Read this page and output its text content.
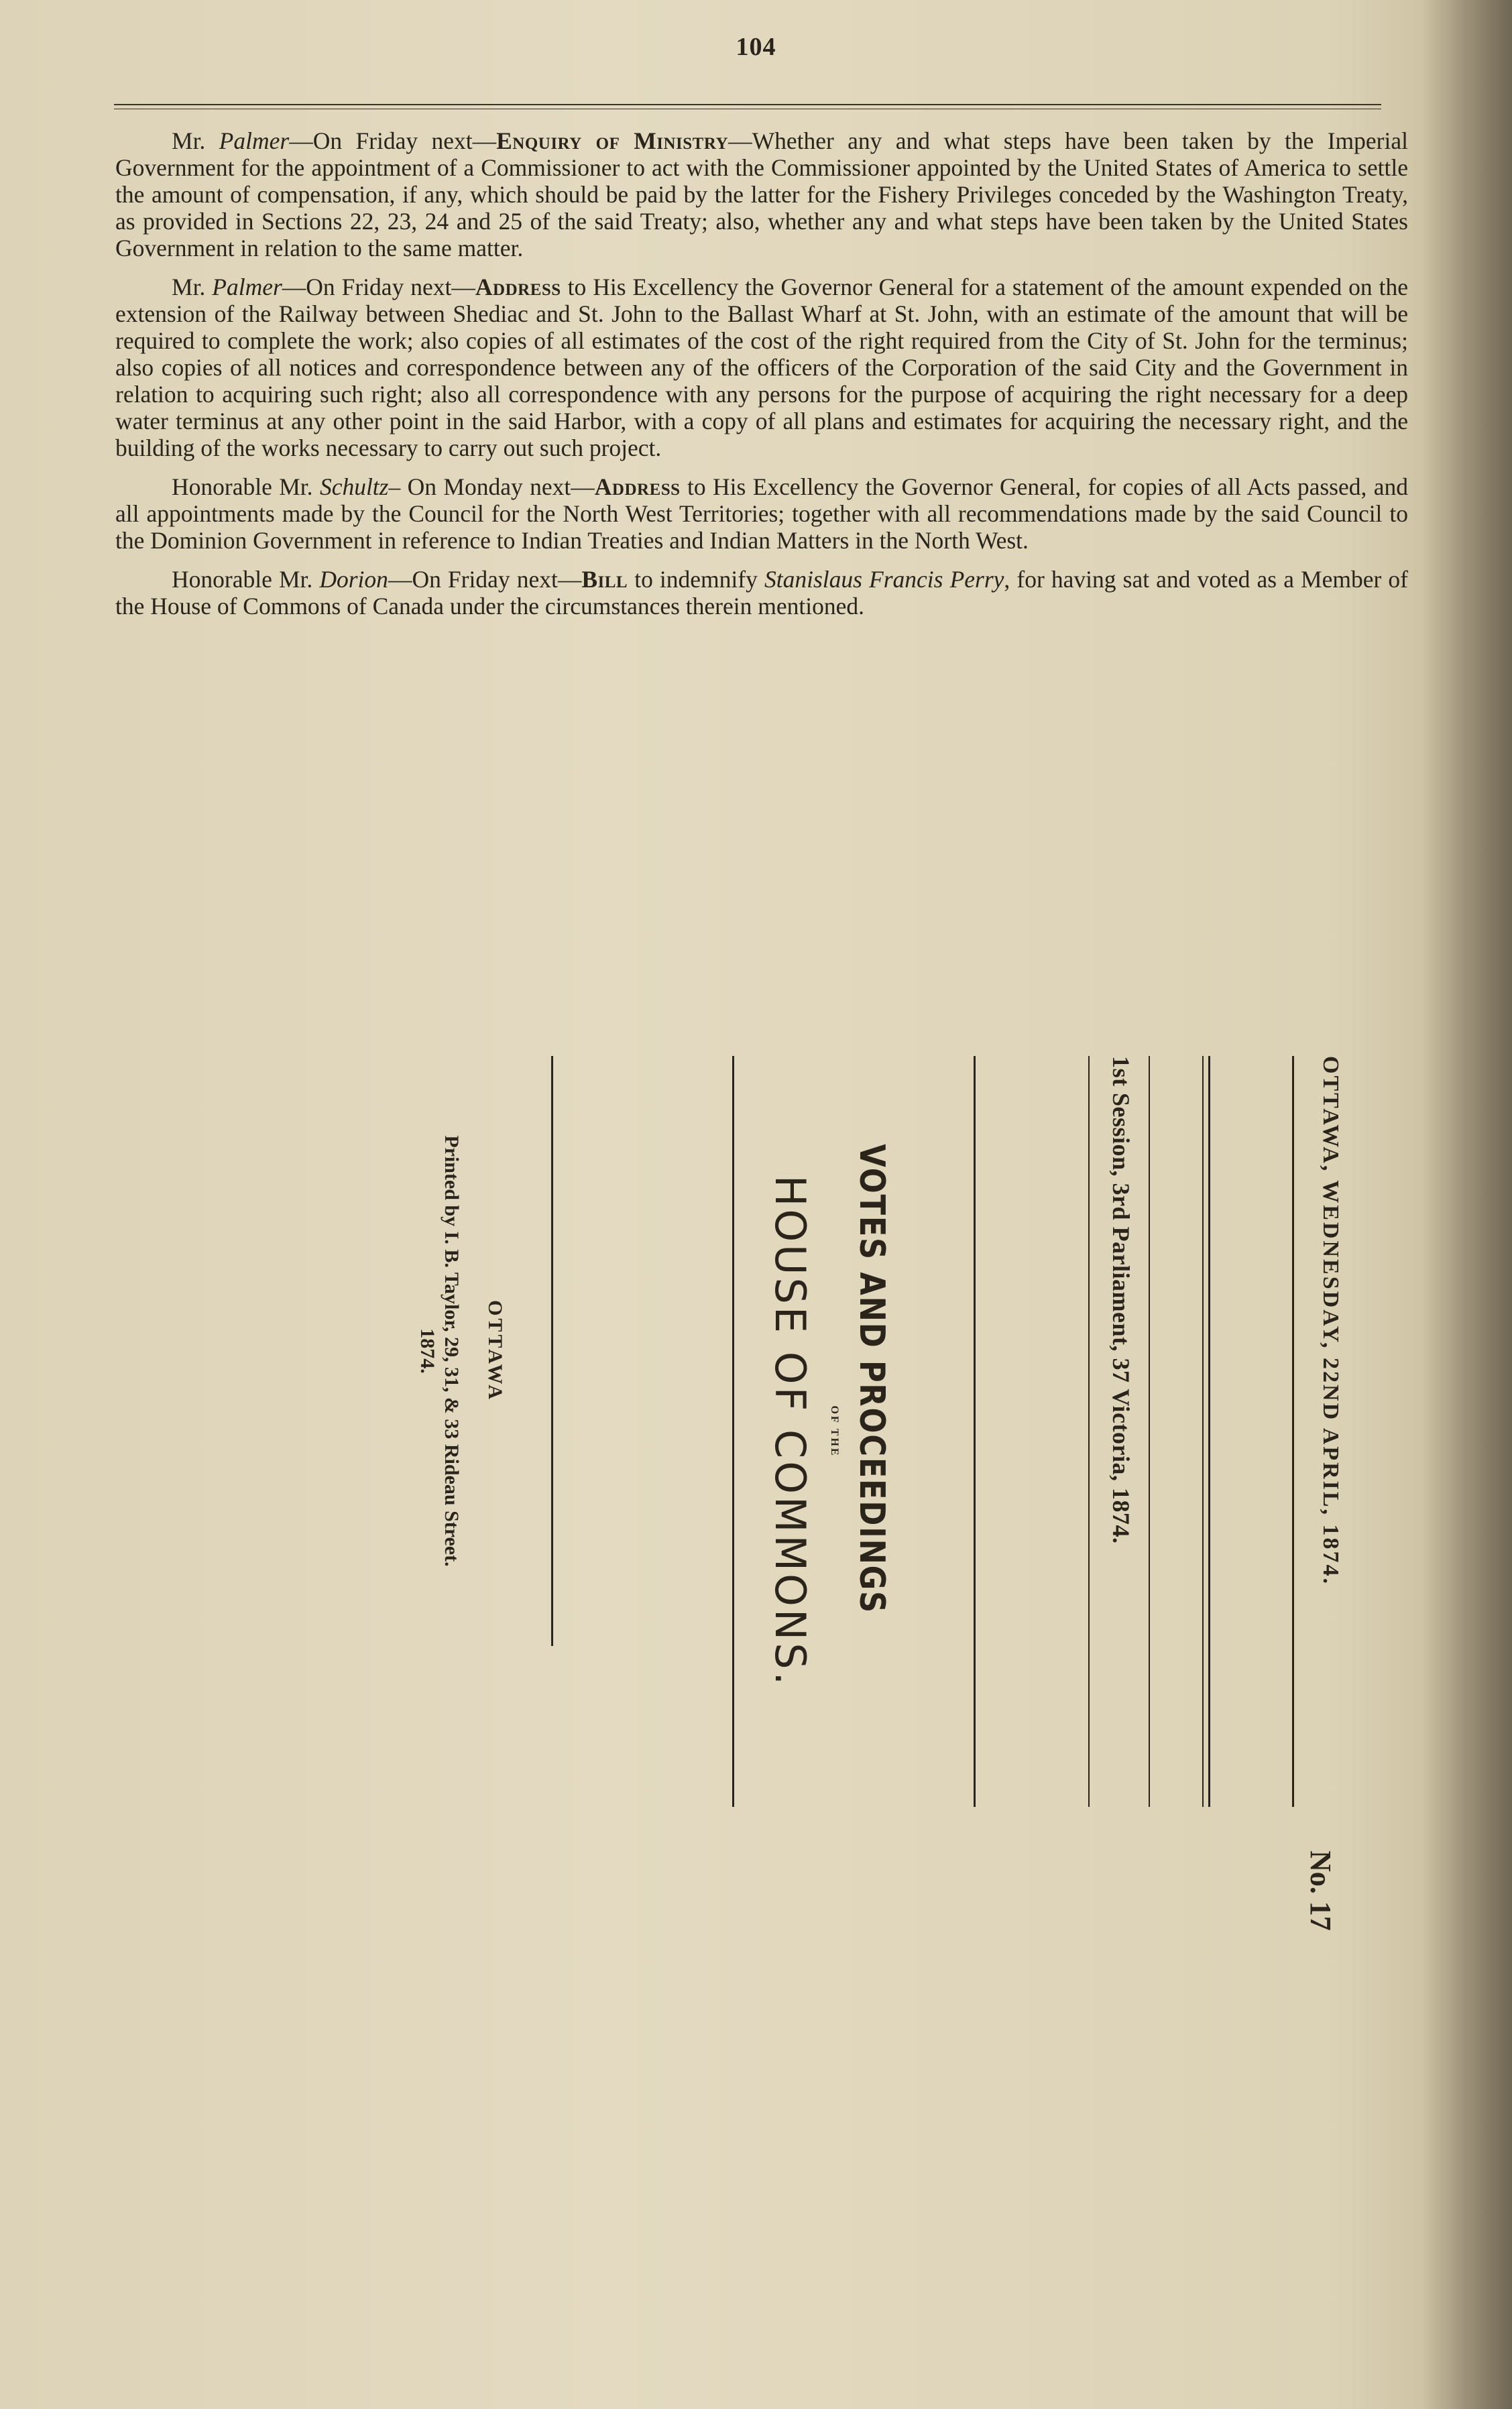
104

Mr. Palmer—On Friday next—Enquiry of Ministry—Whether any and what steps have been taken by the Imperial Government for the appointment of a Commissioner to act with the Commissioner appointed by the United States of America to settle the amount of compensation, if any, which should be paid by the latter for the Fishery Privileges conceded by the Washington Treaty, as provided in Sections 22, 23, 24 and 25 of the said Treaty; also, whether any and what steps have been taken by the United States Government in relation to the same matter.

Mr. Palmer—On Friday next—Address to His Excellency the Governor General for a statement of the amount expended on the extension of the Railway between Shediac and St. John to the Ballast Wharf at St. John, with an estimate of the amount that will be required to complete the work; also copies of all estimates of the cost of the right required from the City of St. John for the terminus; also copies of all notices and correspondence between any of the officers of the Corporation of the said City and the Government in relation to acquiring such right; also all correspondence with any persons for the purpose of acquiring the right necessary for a deep water terminus at any other point in the said Harbor, with a copy of all plans and estimates for acquiring the necessary right, and the building of the works necessary to carry out such project.

Honorable Mr. Schultz– On Monday next—Address to His Excellency the Governor General, for copies of all Acts passed, and all appointments made by the Council for the North West Territories; together with all recommendations made by the said Council to the Dominion Government in reference to Indian Treaties and Indian Matters in the North West.

Honorable Mr. Dorion—On Friday next—Bill to indemnify Stanislaus Francis Perry, for having sat and voted as a Member of the House of Commons of Canada under the circumstances therein mentioned.

OTTAWA, WEDNESDAY, 22ND APRIL, 1874.
No. 17
1st Session, 3rd Parliament, 37 Victoria, 1874.
VOTES AND PROCEEDINGS
OF THE
HOUSE OF COMMONS.
OTTAWA
Printed by I. B. Taylor, 29, 31, & 33 Rideau Street.
1874.
